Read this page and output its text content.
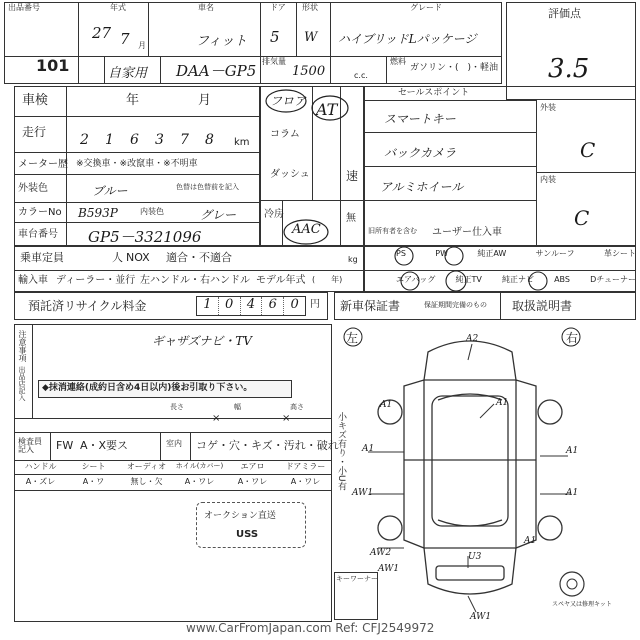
出品番号
101
年式
27 7 月
車名
フィット
ドア
5
形状
W
グレード
ハイブリッドLパッケージ
自家用 DAA－GP5
排気量
1500	c.c.
燃料
ガソリン・(　)・軽油
評価点
3.5
車検	年	月
走行	2	1	6	3	7	8	km
メーター歴 ※交換車・※改竄車・※不明車
外装色	ブルー	色替は色替前を記入
カラーNo B593P	内装色	グレー
車台番号 GP5－3321096
フロア
コラム
ダッシュ
AT
速
冷房
AAC
無
セールスポイント
スマートキー
バックカメラ
アルミホイール
外装
C
内装
C
旧所有者を含む ユーザー仕入車
乗車定員	人 NOX 適合・不適合	kg
輸入車 ディーラー・並行 左ハンドル・右ハンドル モデル年式 (　　年)
PS	PW	純正AW	サンルーフ	革シート
エアバッグ	純正TV	純正ナビ	ABS	Dチューナー
預託済リサイクル料金	1	0	4	6	0	円 新車保証書	保証期間完備のもの 取扱説明書
注意事項
出品店記入
ギャザズナビ・TV
◆抹消連絡(成約日含め4日以内)後お引取り下さい。
長さ	幅	高さ
×	×
検査員記入	FW A・X要ス	室内	コゲ・穴・キズ・汚れ・破れ
ハンドル	シート	オーディオ	ホイル(カバー)	エアロ	ドアミラー
A・ズレ	A・ワ	無し・欠	A・ワレ	A・ワレ	A・ワレ
オークション直送
USS
左	右
A2
A1
A1	A1
A1
AW1
A1
AW2	U3
AW1
AW1
A1
小キズ有り・小U有
キーワーナー
スペヤ又は修理キット
www.CarFromJapan.com Ref: CFJ2549972
